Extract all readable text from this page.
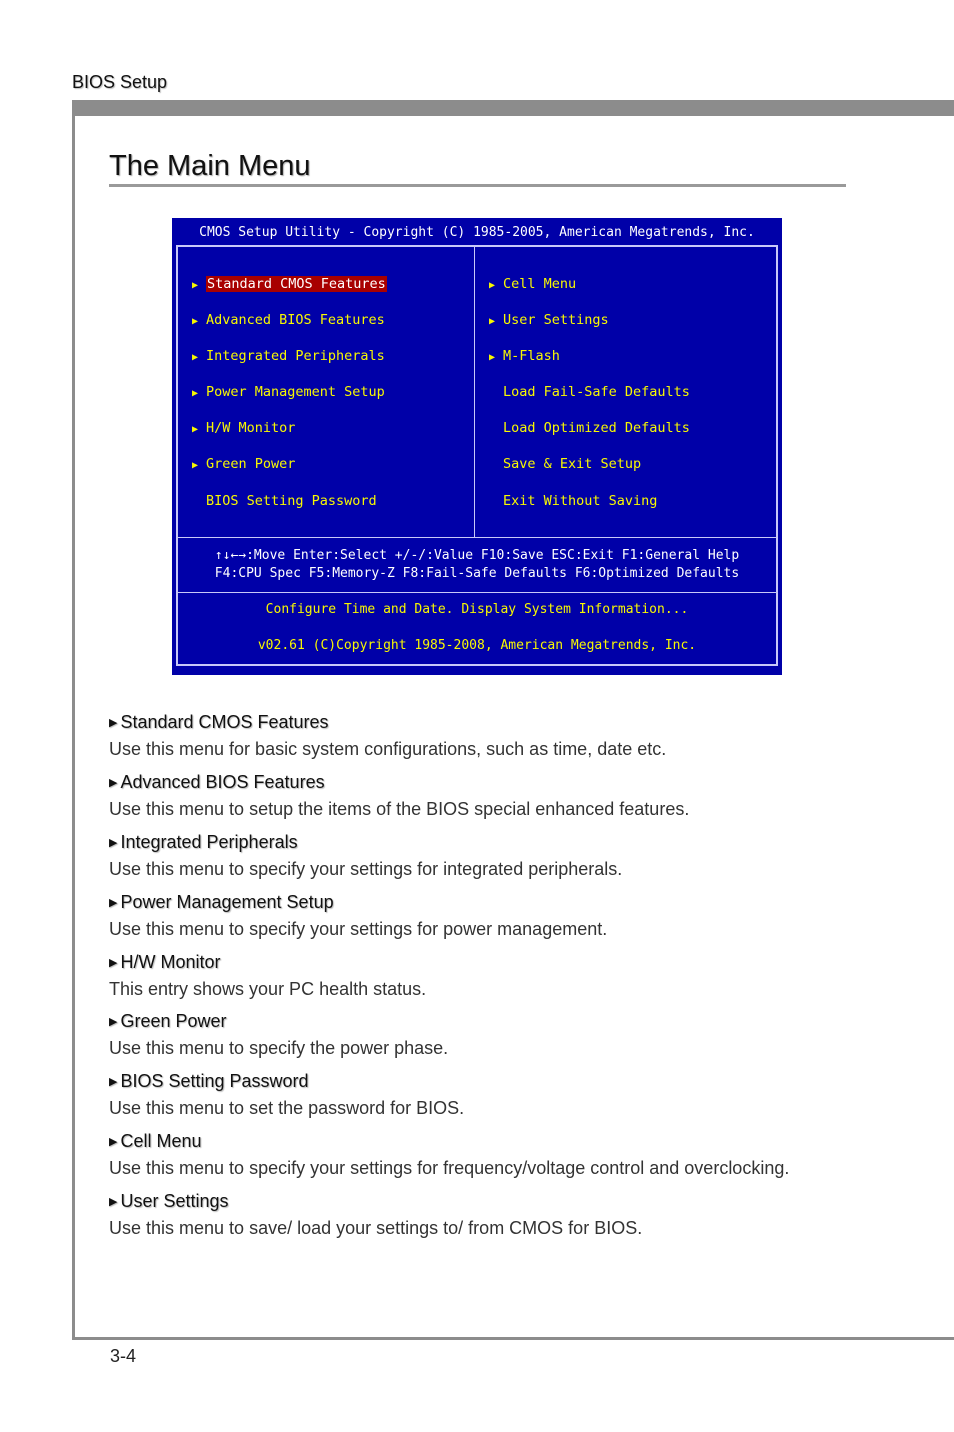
BIOS Setup
The Main Menu
CMOS Setup Utility - Copyright (C) 1985-2005, American Megatrends, Inc.
▶ Standard CMOS Features
▶ Advanced BIOS Features
▶ Integrated Peripherals
▶ Power Management Setup
▶ H/W Monitor
▶ Green Power
BIOS Setting Password
▶ Cell Menu
▶ User Settings
▶ M-Flash
Load Fail-Safe Defaults
Load Optimized Defaults
Save & Exit Setup
Exit Without Saving
↑↓←→:Move Enter:Select +/-/:Value F10:Save ESC:Exit F1:General Help
F4:CPU Spec F5:Memory-Z F8:Fail-Safe Defaults F6:Optimized Defaults
Configure Time and Date. Display System Information...
v02.61 (C)Copyright 1985-2008, American Megatrends, Inc.
▶ Standard CMOS Features
Use this menu for basic system configurations, such as time, date etc.
▶ Advanced BIOS Features
Use this menu to setup the items of the BIOS special enhanced features.
▶ Integrated Peripherals
Use this menu to specify your settings for integrated peripherals.
▶ Power Management Setup
Use this menu to specify your settings for power management.
▶ H/W Monitor
This entry shows your PC health status.
▶ Green Power
Use this menu to specify the power phase.
▶ BIOS Setting Password
Use this menu to set the password for BIOS.
▶ Cell Menu
Use this menu to specify your settings for frequency/voltage control and overclocking.
▶ User Settings
Use this menu to save/ load your settings to/ from CMOS for BIOS.
3-4
